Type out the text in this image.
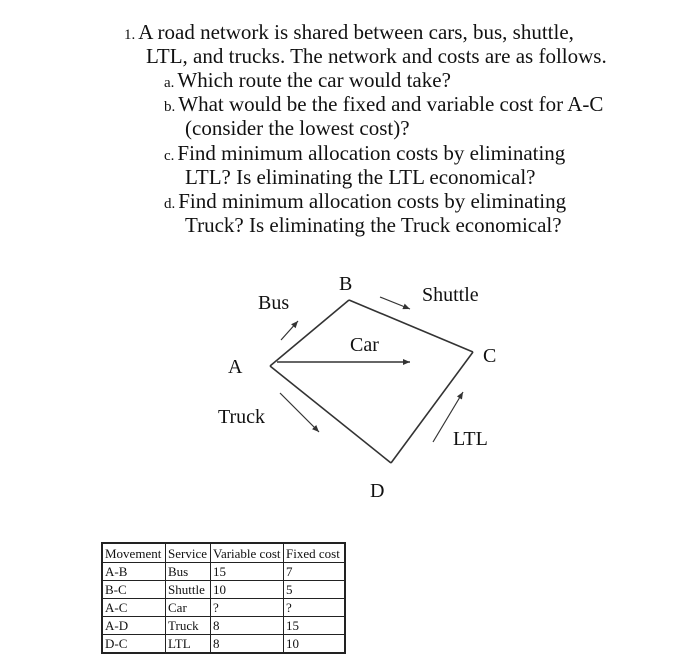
1. A road network is shared between cars, bus, shuttle,
LTL, and trucks. The network and costs are as follows.
a. Which route the car would take?
b. What would be the fixed and variable cost for A-C
(consider the lowest cost)?
c. Find minimum allocation costs by eliminating
LTL? Is eliminating the LTL economical?
d. Find minimum allocation costs by eliminating
Truck? Is eliminating the Truck economical?
A
B
C
D
Bus	Shuttle
Car
Truck
LTL
Movement	Service	Variable cost	Fixed cost
A-B	Bus	15	7
B-C	Shuttle	10	5
A-C	Car	?	?
A-D	Truck	8	15
D-C	LTL	8	10
